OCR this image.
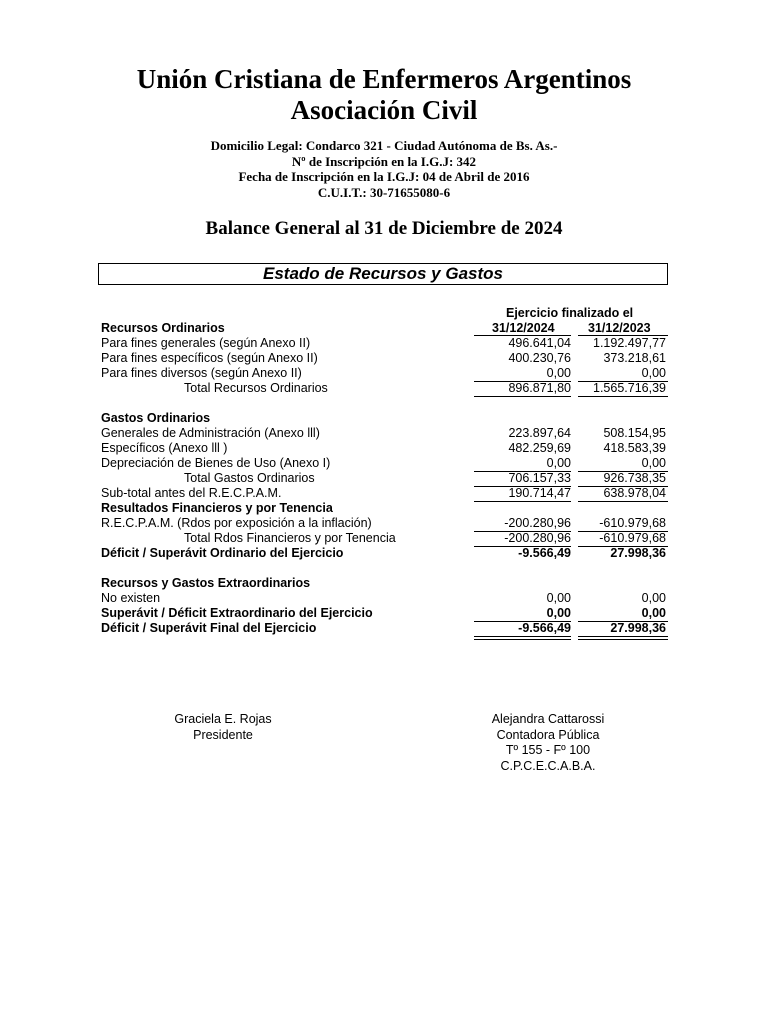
Unión Cristiana de Enfermeros Argentinos
Asociación Civil
Domicilio Legal: Condarco 321 - Ciudad Autónoma de Bs. As.-
Nº de Inscripción en la I.G.J: 342
Fecha de Inscripción en la I.G.J: 04 de Abril de 2016
C.U.I.T.: 30-71655080-6
Balance General al 31 de Diciembre de 2024
Estado de Recursos y Gastos
Ejercicio finalizado el
31/12/2024	31/12/2023
Recursos Ordinarios
Para fines generales (según Anexo II)	496.641,04	1.192.497,77
Para fines específicos (según Anexo II)	400.230,76	373.218,61
Para fines diversos (según Anexo II)	0,00	0,00
Total Recursos Ordinarios	896.871,80	1.565.716,39
Gastos Ordinarios
Generales de Administración (Anexo lll)	223.897,64	508.154,95
Específicos (Anexo lll )	482.259,69	418.583,39
Depreciación de Bienes de Uso (Anexo I)	0,00	0,00
Total Gastos Ordinarios	706.157,33	926.738,35
Sub-total antes del R.E.C.P.A.M.	190.714,47	638.978,04
Resultados Financieros y por Tenencia
R.E.C.P.A.M. (Rdos por exposición a la inflación)	-200.280,96	-610.979,68
Total Rdos Financieros y por Tenencia	-200.280,96	-610.979,68
Déficit / Superávit Ordinario del Ejercicio	-9.566,49	27.998,36
Recursos y Gastos Extraordinarios
No existen	0,00	0,00
Superávit / Déficit Extraordinario del Ejercicio	0,00	0,00
Déficit / Superávit Final del Ejercicio	-9.566,49	27.998,36
Graciela E. Rojas
Presidente
Alejandra Cattarossi
Contadora Pública
Tº 155 - Fº 100
C.P.C.E.C.A.B.A.
